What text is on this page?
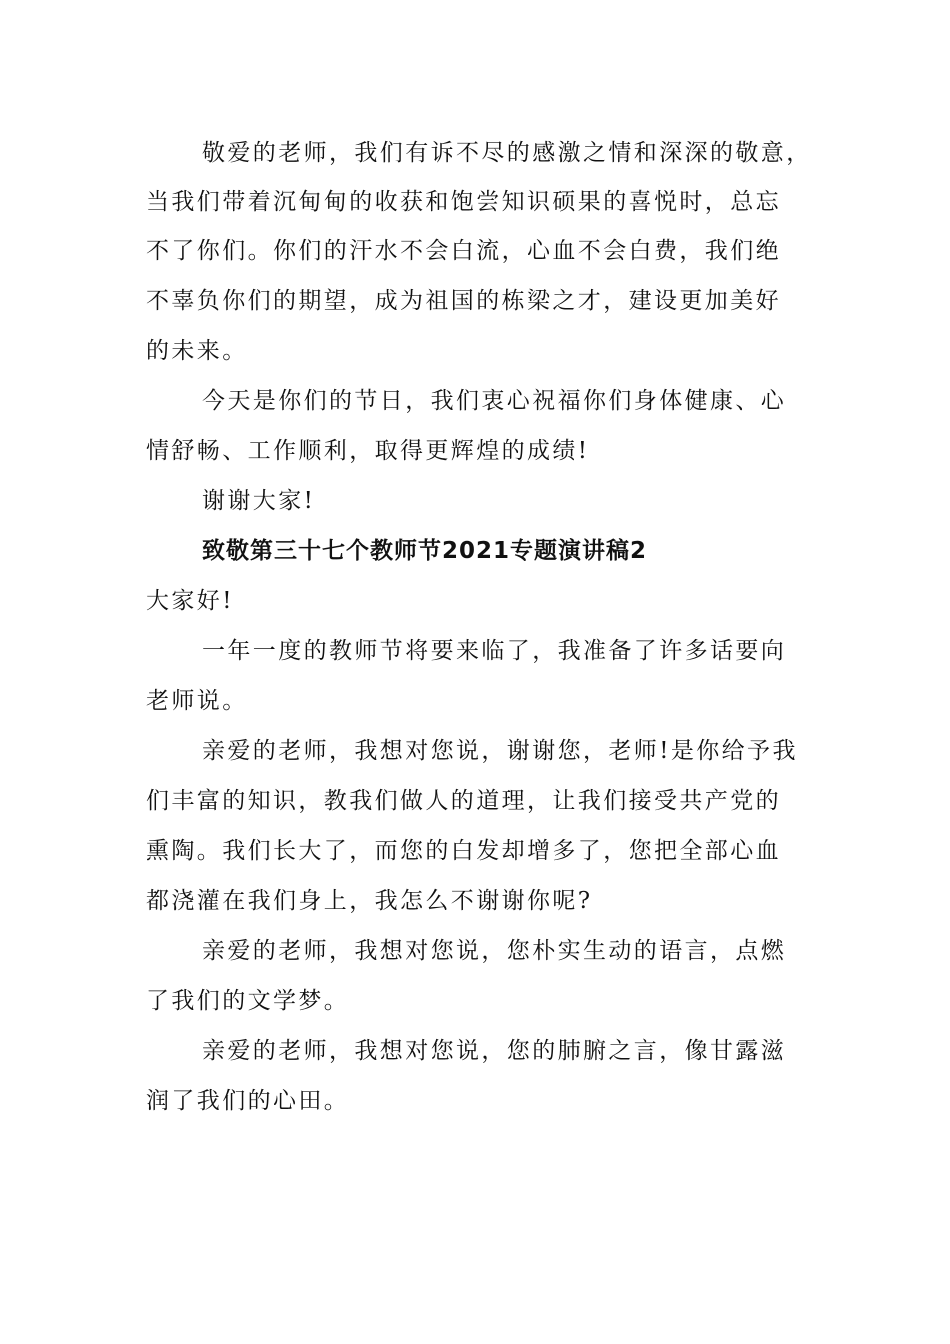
敬爱的老师，我们有诉不尽的感激之情和深深的敬意，
当我们带着沉甸甸的收获和饱尝知识硕果的喜悦时，总忘
不了你们。你们的汗水不会白流，心血不会白费，我们绝
不辜负你们的期望，成为祖国的栋梁之才，建设更加美好
的未来。
今天是你们的节日，我们衷心祝福你们身体健康、心
情舒畅、工作顺利，取得更辉煌的成绩!
谢谢大家!
致敬第三十七个教师节2021专题演讲稿2
大家好!
一年一度的教师节将要来临了，我准备了许多话要向
老师说。
亲爱的老师，我想对您说，谢谢您，老师!是你给予我
们丰富的知识，教我们做人的道理，让我们接受共产党的
熏陶。我们长大了，而您的白发却增多了，您把全部心血
都浇灌在我们身上，我怎么不谢谢你呢?
亲爱的老师，我想对您说，您朴实生动的语言，点燃
了我们的文学梦。
亲爱的老师，我想对您说，您的肺腑之言，像甘露滋
润了我们的心田。
